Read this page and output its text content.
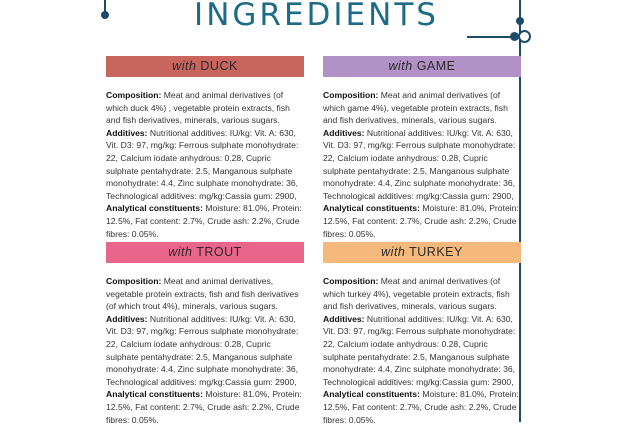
INGREDIENTS
with DUCK
Composition: Meat and animal derivatives (of which duck 4%) , vegetable protein extracts, fish and fish derivatives, minerals, various sugars. Additives: Nutritional additives: IU/kg: Vit. A: 630, Vit. D3: 97, mg/kg: Ferrous sulphate monohydrate: 22, Calcium iodate anhydrous: 0.28, Cupric sulphate pentahydrate: 2.5, Manganous sulphate monohydrate: 4.4, Zinc sulphate monohydrate: 36, Technological additives: mg/kg:Cassia gum: 2900, Analytical constituents: Moisture: 81.0%, Protein: 12.5%, Fat content: 2.7%, Crude ash: 2.2%, Crude fibres: 0.05%.
with GAME
Composition: Meat and animal derivatives (of which game 4%), vegetable protein extracts, fish and fish derivatives, minerals, various sugars. Additives: Nutritional additives: IU/kg: Vit. A: 630, Vit. D3: 97, mg/kg: Ferrous sulphate monohydrate: 22, Calcium iodate anhydrous: 0.28, Cupric sulphate pentahydrate: 2.5, Manganous sulphate monohydrate: 4.4, Zinc sulphate monohydrate: 36, Technological additives: mg/kg:Cassia gum: 2900, Analytical constituents: Moisture: 81.0%, Protein: 12.5%, Fat content: 2.7%, Crude ash: 2.2%, Crude fibres: 0.05%.
with TROUT
Composition: Meat and animal derivatives, vegetable protein extracts, fish and fish derivatives (of which trout 4%), minerals, various sugars. Additives: Nutritional additives: IU/kg: Vit. A: 630, Vit. D3: 97, mg/kg: Ferrous sulphate monohydrate: 22, Calcium iodate anhydrous: 0.28, Cupric sulphate pentahydrate: 2.5, Manganous sulphate monohydrate: 4.4, Zinc sulphate monohydrate: 36, Technological additives: mg/kg:Cassia gum: 2900, Analytical constituents: Moisture: 81.0%, Protein: 12.5%, Fat content: 2.7%, Crude ash: 2.2%, Crude fibres: 0.05%.
with TURKEY
Composition: Meat and animal derivatives (of which turkey 4%), vegetable protein extracts, fish and fish derivatives, minerals, various sugars. Additives: Nutritional additives: IU/kg: Vit. A: 630, Vit. D3: 97, mg/kg: Ferrous sulphate monohydrate: 22, Calcium iodate anhydrous: 0.28, Cupric sulphate pentahydrate: 2.5, Manganous sulphate monohydrate: 4.4, Zinc sulphate monohydrate: 36, Technological additives: mg/kg:Cassia gum: 2900, Analytical constituents: Moisture: 81.0%, Protein: 12.5%, Fat content: 2.7%, Crude ash: 2.2%, Crude fibres: 0.05%.
